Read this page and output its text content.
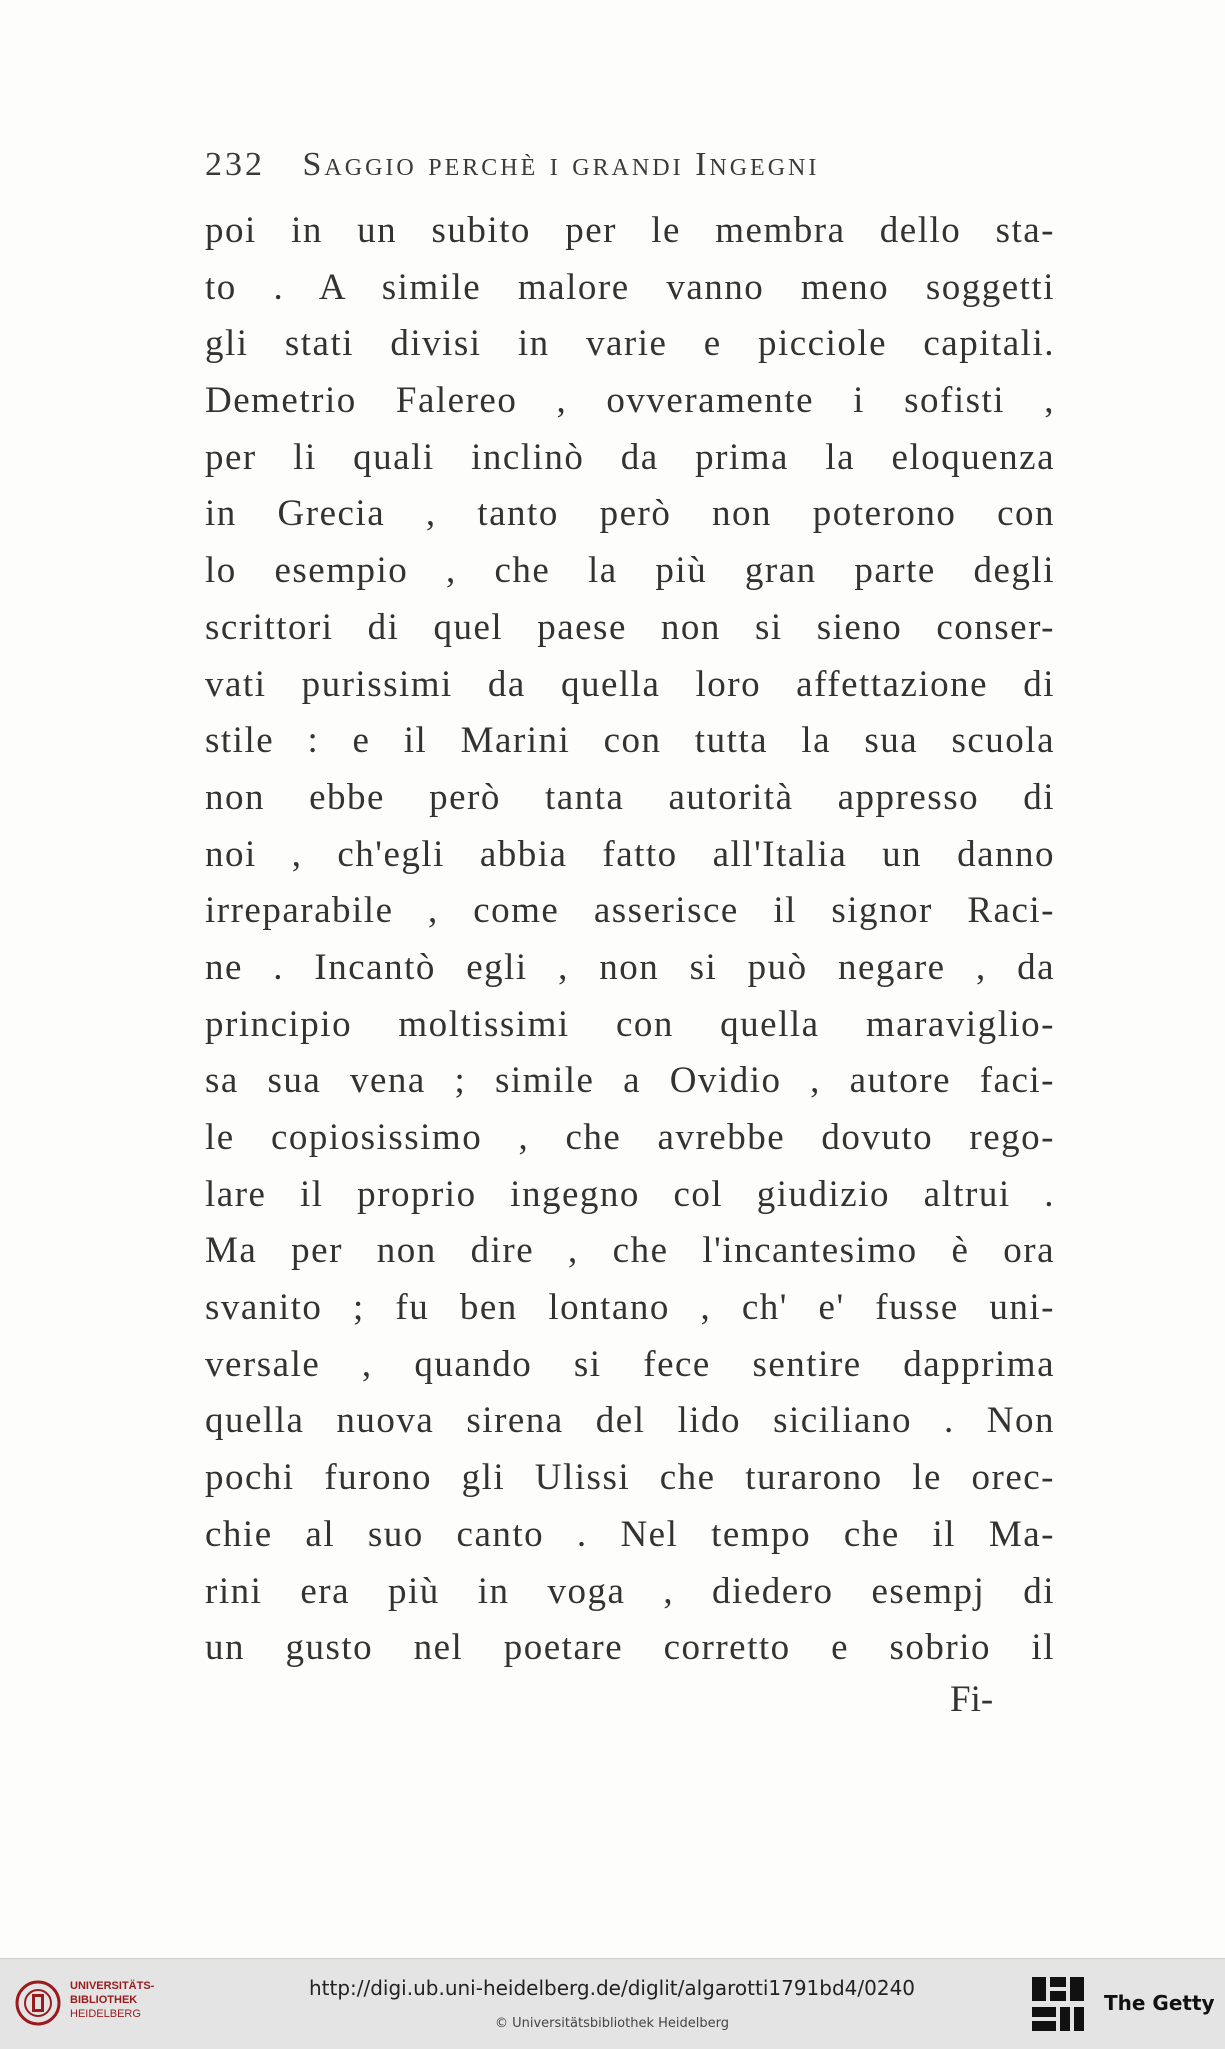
232 Saggio perchè i grandi Ingegni
poi in un subito per le membra dello sta-
to . A simile malore vanno meno soggetti
gli stati divisi in varie e picciole capitali.
Demetrio Falereo , ovveramente i sofisti ,
per li quali inclinò da prima la eloquenza
in Grecia , tanto però non poterono con
lo esempio , che la più gran parte degli
scrittori di quel paese non si sieno conser-
vati purissimi da quella loro affettazione di
stile : e il Marini con tutta la sua scuola
non ebbe però tanta autorità appresso di
noi , ch'egli abbia fatto all'Italia un danno
irreparabile , come asserisce il signor Raci-
ne . Incantò egli , non si può negare , da
principio moltissimi con quella maraviglio-
sa sua vena ; simile a Ovidio , autore faci-
le copiosissimo , che avrebbe dovuto rego-
lare il proprio ingegno col giudizio altrui .
Ma per non dire , che l'incantesimo è ora
svanito ; fu ben lontano , ch' e' fusse uni-
versale , quando si fece sentire dapprima
quella nuova sirena del lido siciliano . Non
pochi furono gli Ulissi che turarono le orec-
chie al suo canto . Nel tempo che il Ma-
rini era più in voga , diedero esempj di
un gusto nel poetare corretto e sobrio il
Fi-
UNIVERSITÄTS-
BIBLIOTHEK
HEIDELBERG
http://digi.ub.uni-heidelberg.de/diglit/algarotti1791bd4/0240
© Universitätsbibliothek Heidelberg
The Getty
